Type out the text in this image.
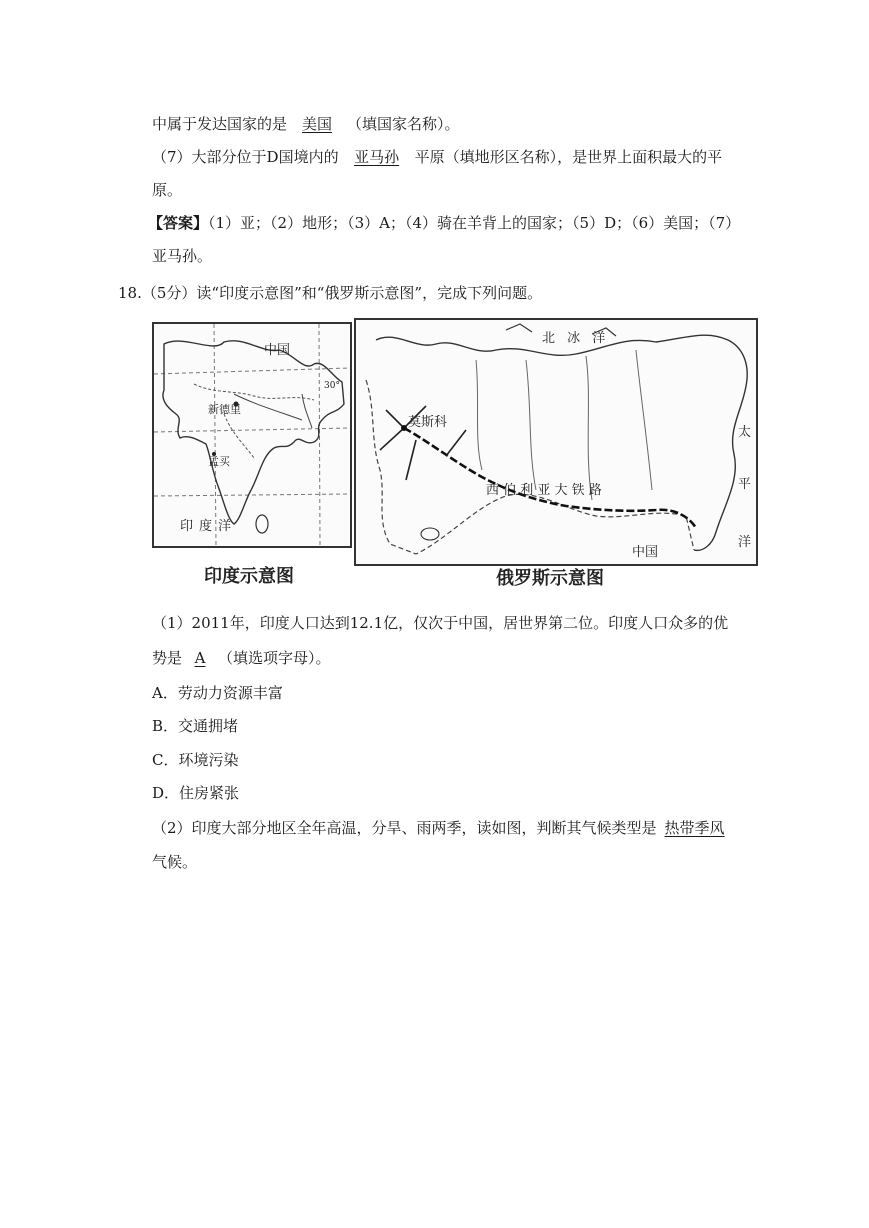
中属于发达国家的是 美国 （填国家名称）。
（7）大部分位于D国境内的 亚马孙 平原（填地形区名称），是世界上面积最大的平
原。
【答案】（1）亚；（2）地形；（3）A；（4）骑在羊背上的国家；（5）D；（6）美国；（7）
亚马孙。
18.（5分）读“印度示意图”和“俄罗斯示意图”，完成下列问题。
中国
新德里
孟买
30°
印度洋
印度示意图
北 冰 洋
莫斯科
西 伯 利 亚 大 铁 路
中国
太
平
洋
俄罗斯示意图
（1）2011年，印度人口达到12.1亿，仅次于中国，居世界第二位。印度人口众多的优
势是 A （填选项字母）。
A．劳动力资源丰富
B．交通拥堵
C．环境污染
D．住房紧张
（2）印度大部分地区全年高温，分旱、雨两季，读如图，判断其气候类型是 热带季风
气候。
